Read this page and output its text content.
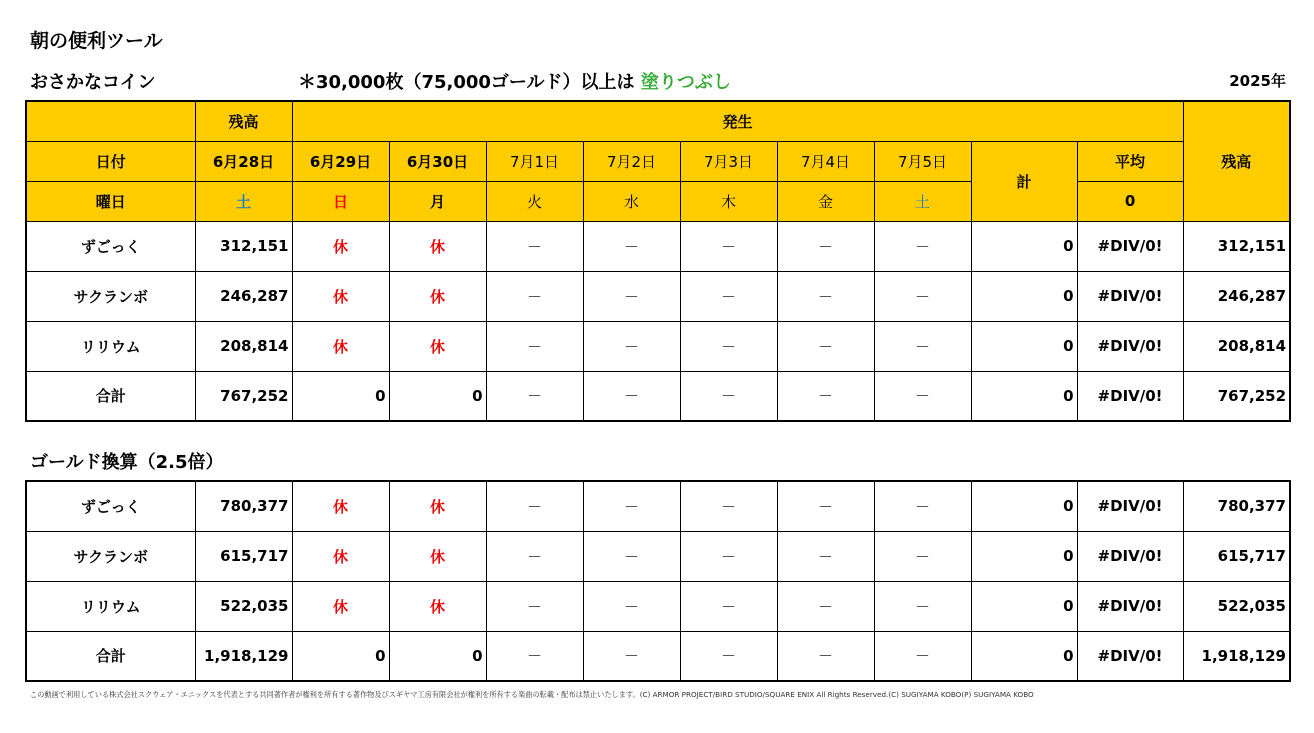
朝の便利ツール
おさかなコイン	＊30,000枚（75,000ゴールド）以上は 塗りつぶし	2025年
	残高	発生									残高
日付	6月28日	6月29日	6月30日	7月1日	7月2日	7月3日	7月4日	7月5日	計	平均	
曜日	土	日	月	火	水	木	金	土		0	
ずごっく	312,151	休	休	－	－	－	－	－	0	#DIV/0!	312,151
サクランボ	246,287	休	休	－	－	－	－	－	0	#DIV/0!	246,287
リリウム	208,814	休	休	－	－	－	－	－	0	#DIV/0!	208,814
合計	767,252	0	0	－	－	－	－	－	0	#DIV/0!	767,252
ゴールド換算（2.5倍）
ずごっく	780,377	休	休	－	－	－	－	－	0	#DIV/0!	780,377
サクランボ	615,717	休	休	－	－	－	－	－	0	#DIV/0!	615,717
リリウム	522,035	休	休	－	－	－	－	－	0	#DIV/0!	522,035
合計	1,918,129	0	0	－	－	－	－	－	0	#DIV/0!	1,918,129
この動画で利用している株式会社スクウェア・エニックスを代表とする共同著作者が権利を所有する著作物及びスギヤマ工房有限会社が権利を所有する楽曲の転載・配布は禁止いたします。(C) ARMOR PROJECT/BIRD STUDIO/SQUARE ENIX All Rights Reserved.(C) SUGIYAMA KOBO(P) SUGIYAMA KOBO
